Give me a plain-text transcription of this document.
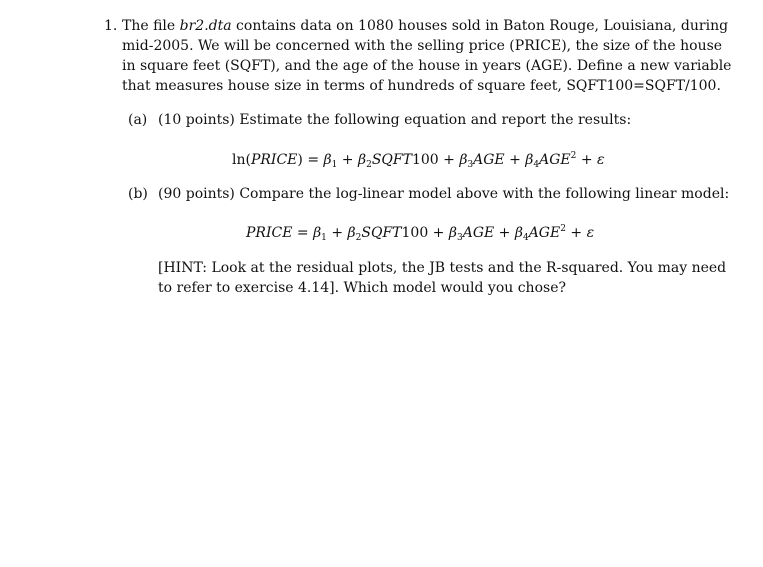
1. The file br2.dta contains data on 1080 houses sold in Baton Rouge, Louisiana, during
mid-2005. We will be concerned with the selling price (PRICE), the size of the house
in square feet (SQFT), and the age of the house in years (AGE). Define a new variable
that measures house size in terms of hundreds of square feet, SQFT100=SQFT/100.
(a) (10 points) Estimate the following equation and report the results:
ln(PRICE) = $\beta_1$ + $\beta_2SQFT100 + \beta_3AGE + \beta_4AGE^2 + \varepsilon$
(b) (90 points) Compare the log-linear model above with the following linear model:
PRICE = $\beta_1$ + $\beta_2SQFT100 + \beta_3AGE + \beta_4AGE^2 + \varepsilon$
[HINT: Look at the residual plots, the JB tests and the R-squared. You may need
to refer to exercise 4.14]. Which model would you chose?
